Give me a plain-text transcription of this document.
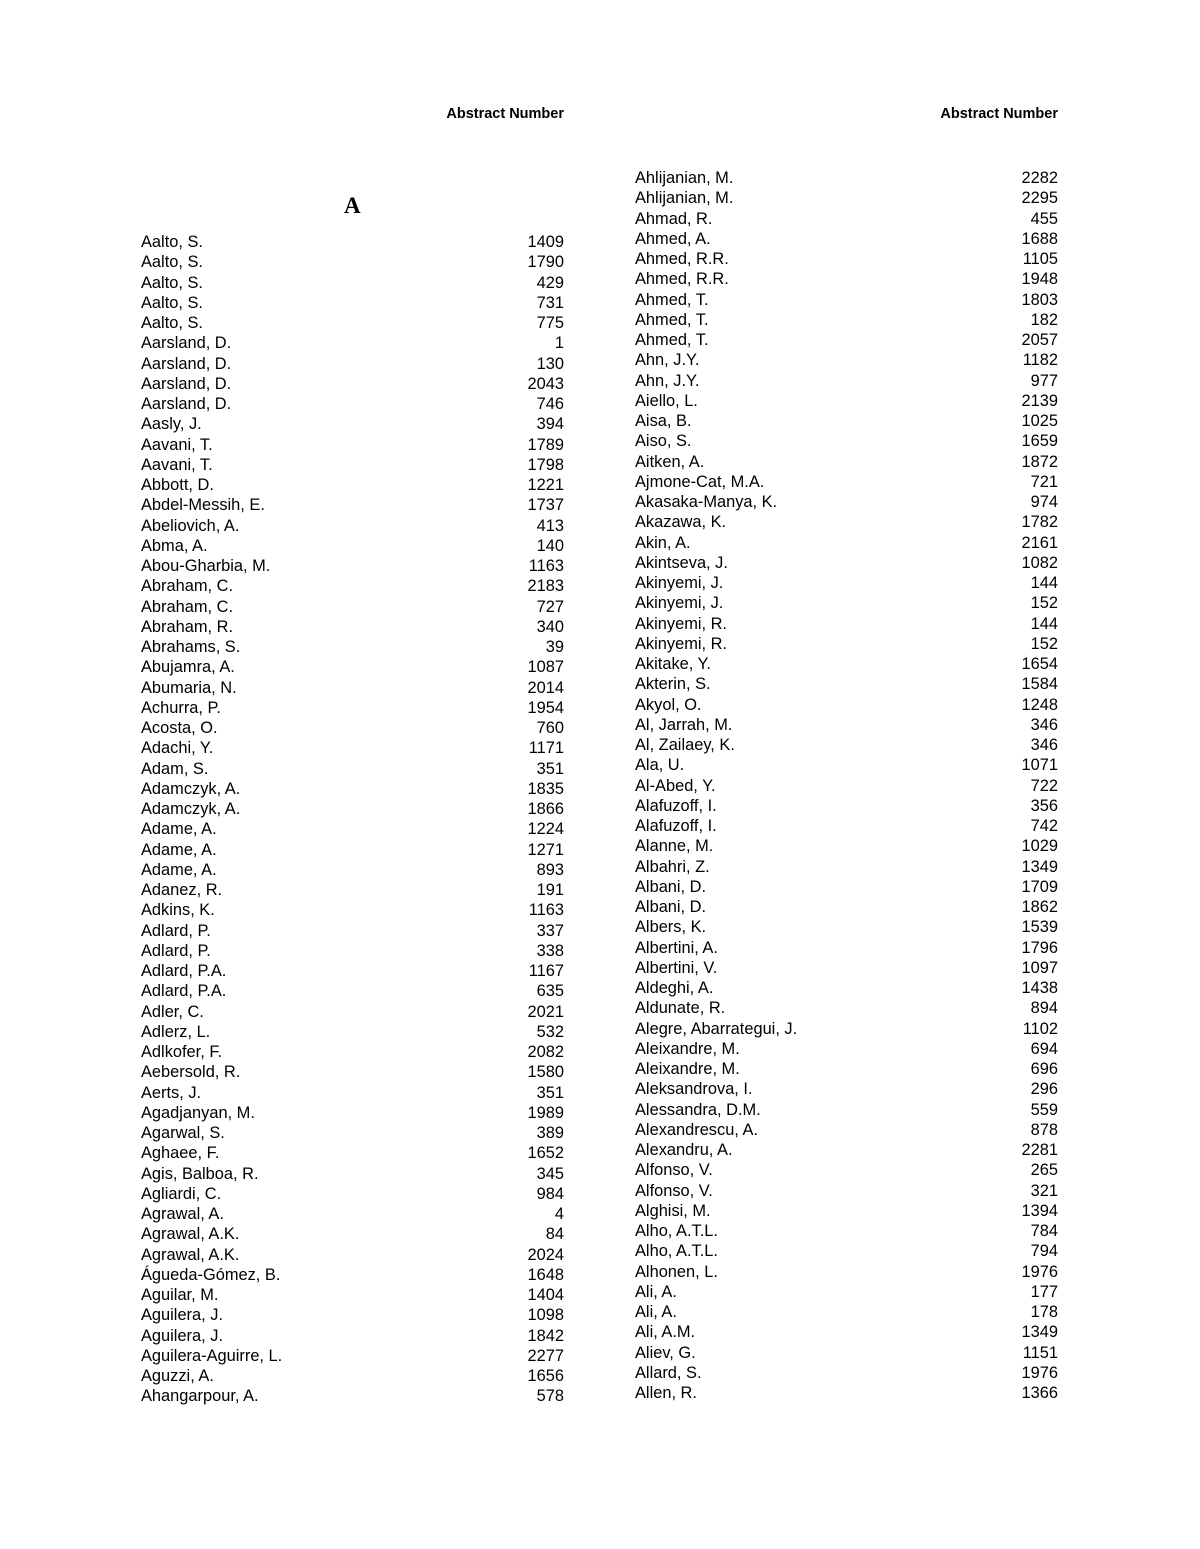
Abstract Number	Abstract Number
A
Aalto, S.	1409
Aalto, S.	1790
Aalto, S.	429
Aalto, S.	731
Aalto, S.	775
Aarsland, D.	1
Aarsland, D.	130
Aarsland, D.	2043
Aarsland, D.	746
Aasly, J.	394
Aavani, T.	1789
Aavani, T.	1798
Abbott, D.	1221
Abdel-Messih, E.	1737
Abeliovich, A.	413
Abma, A.	140
Abou-Gharbia, M.	1163
Abraham, C.	2183
Abraham, C.	727
Abraham, R.	340
Abrahams, S.	39
Abujamra, A.	1087
Abumaria, N.	2014
Achurra, P.	1954
Acosta, O.	760
Adachi, Y.	1171
Adam, S.	351
Adamczyk, A.	1835
Adamczyk, A.	1866
Adame, A.	1224
Adame, A.	1271
Adame, A.	893
Adanez, R.	191
Adkins, K.	1163
Adlard, P.	337
Adlard, P.	338
Adlard, P.A.	1167
Adlard, P.A.	635
Adler, C.	2021
Adlerz, L.	532
Adlkofer, F.	2082
Aebersold, R.	1580
Aerts, J.	351
Agadjanyan, M.	1989
Agarwal, S.	389
Aghaee, F.	1652
Agis, Balboa, R.	345
Agliardi, C.	984
Agrawal, A.	4
Agrawal, A.K.	84
Agrawal, A.K.	2024
Águeda-Gómez, B.	1648
Aguilar, M.	1404
Aguilera, J.	1098
Aguilera, J.	1842
Aguilera-Aguirre, L.	2277
Aguzzi, A.	1656
Ahangarpour, A.	578
Ahlijanian, M.	2282
Ahlijanian, M.	2295
Ahmad, R.	455
Ahmed, A.	1688
Ahmed, R.R.	1105
Ahmed, R.R.	1948
Ahmed, T.	1803
Ahmed, T.	182
Ahmed, T.	2057
Ahn, J.Y.	1182
Ahn, J.Y.	977
Aiello, L.	2139
Aisa, B.	1025
Aiso, S.	1659
Aitken, A.	1872
Ajmone-Cat, M.A.	721
Akasaka-Manya, K.	974
Akazawa, K.	1782
Akin, A.	2161
Akintseva, J.	1082
Akinyemi, J.	144
Akinyemi, J.	152
Akinyemi, R.	144
Akinyemi, R.	152
Akitake, Y.	1654
Akterin, S.	1584
Akyol, O.	1248
Al, Jarrah, M.	346
Al, Zailaey, K.	346
Ala, U.	1071
Al-Abed, Y.	722
Alafuzoff, I.	356
Alafuzoff, I.	742
Alanne, M.	1029
Albahri, Z.	1349
Albani, D.	1709
Albani, D.	1862
Albers, K.	1539
Albertini, A.	1796
Albertini, V.	1097
Aldeghi, A.	1438
Aldunate, R.	894
Alegre, Abarrategui, J.	1102
Aleixandre, M.	694
Aleixandre, M.	696
Aleksandrova, I.	296
Alessandra, D.M.	559
Alexandrescu, A.	878
Alexandru, A.	2281
Alfonso, V.	265
Alfonso, V.	321
Alghisi, M.	1394
Alho, A.T.L.	784
Alho, A.T.L.	794
Alhonen, L.	1976
Ali, A.	177
Ali, A.	178
Ali, A.M.	1349
Aliev, G.	1151
Allard, S.	1976
Allen, R.	1366
